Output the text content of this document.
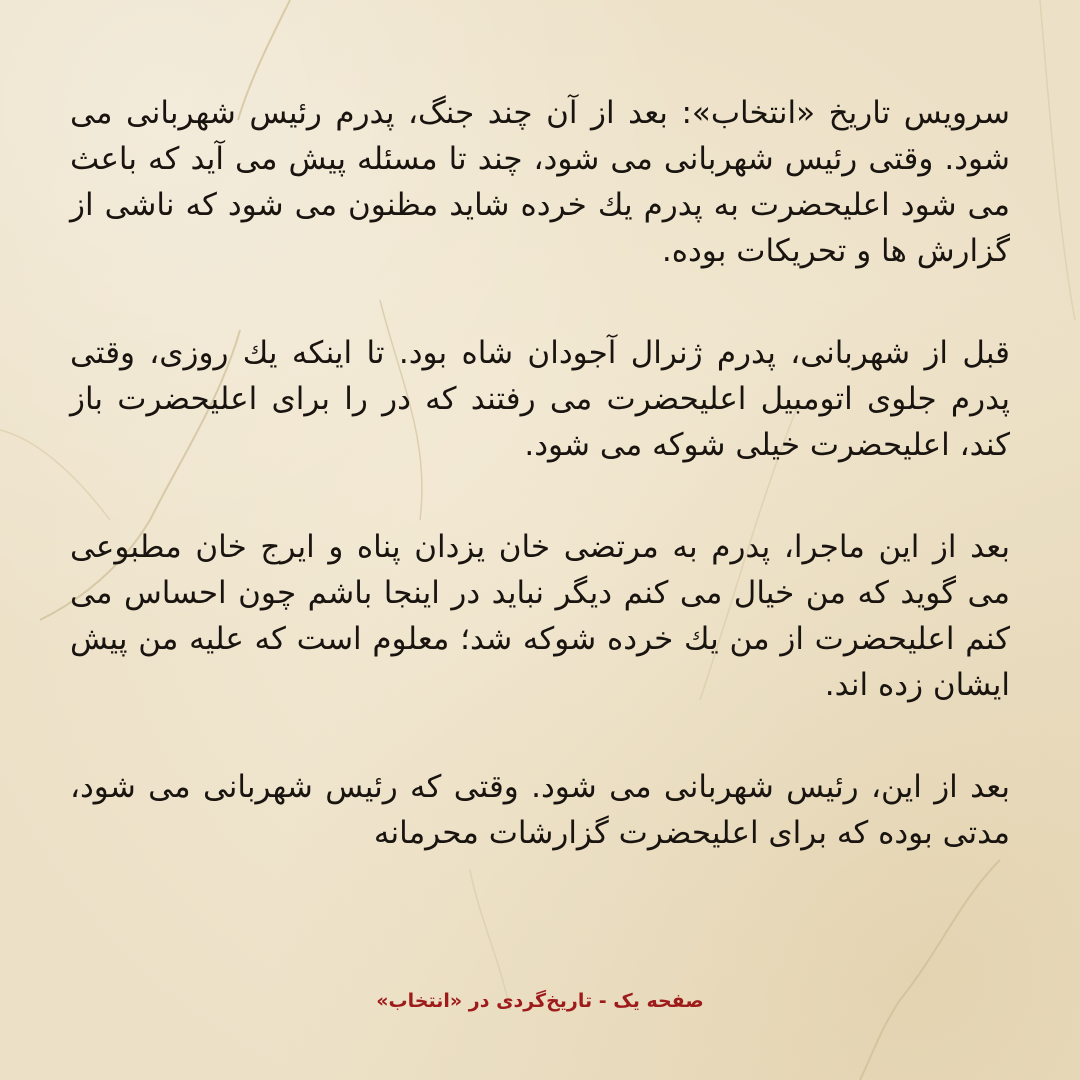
سرویس تاریخ «انتخاب»: بعد از آن چند جنگ، پدرم رئیس شهربانی می شود. وقتی رئیس شهربانی می شود، چند تا مسئله پیش می آید که باعث می شود اعلیحضرت به پدرم یك خرده شاید مظنون می شود که ناشی از گزارش ها و تحریکات بوده.

قبل از شهربانی، پدرم ژنرال آجودان شاه بود. تا اینکه یك روزی، وقتی پدرم جلوی اتومبیل اعلیحضرت می رفتند که در را برای اعلیحضرت باز کند، اعلیحضرت خیلی شوکه می شود.

بعد از این ماجرا، پدرم به مرتضی خان یزدان پناه و ایرج خان مطبوعی می گوید که من خیال می کنم دیگر نباید در اینجا باشم چون احساس می کنم اعلیحضرت از من یك خرده شوکه شد؛ معلوم است که علیه من پیش ایشان زده اند.

بعد از این، رئیس شهربانی می شود. وقتی که رئیس شهربانی می شود، مدتی بوده که برای اعلیحضرت گزارشات محرمانه

صفحه یک - تاریخ‌گردی در «انتخاب»
